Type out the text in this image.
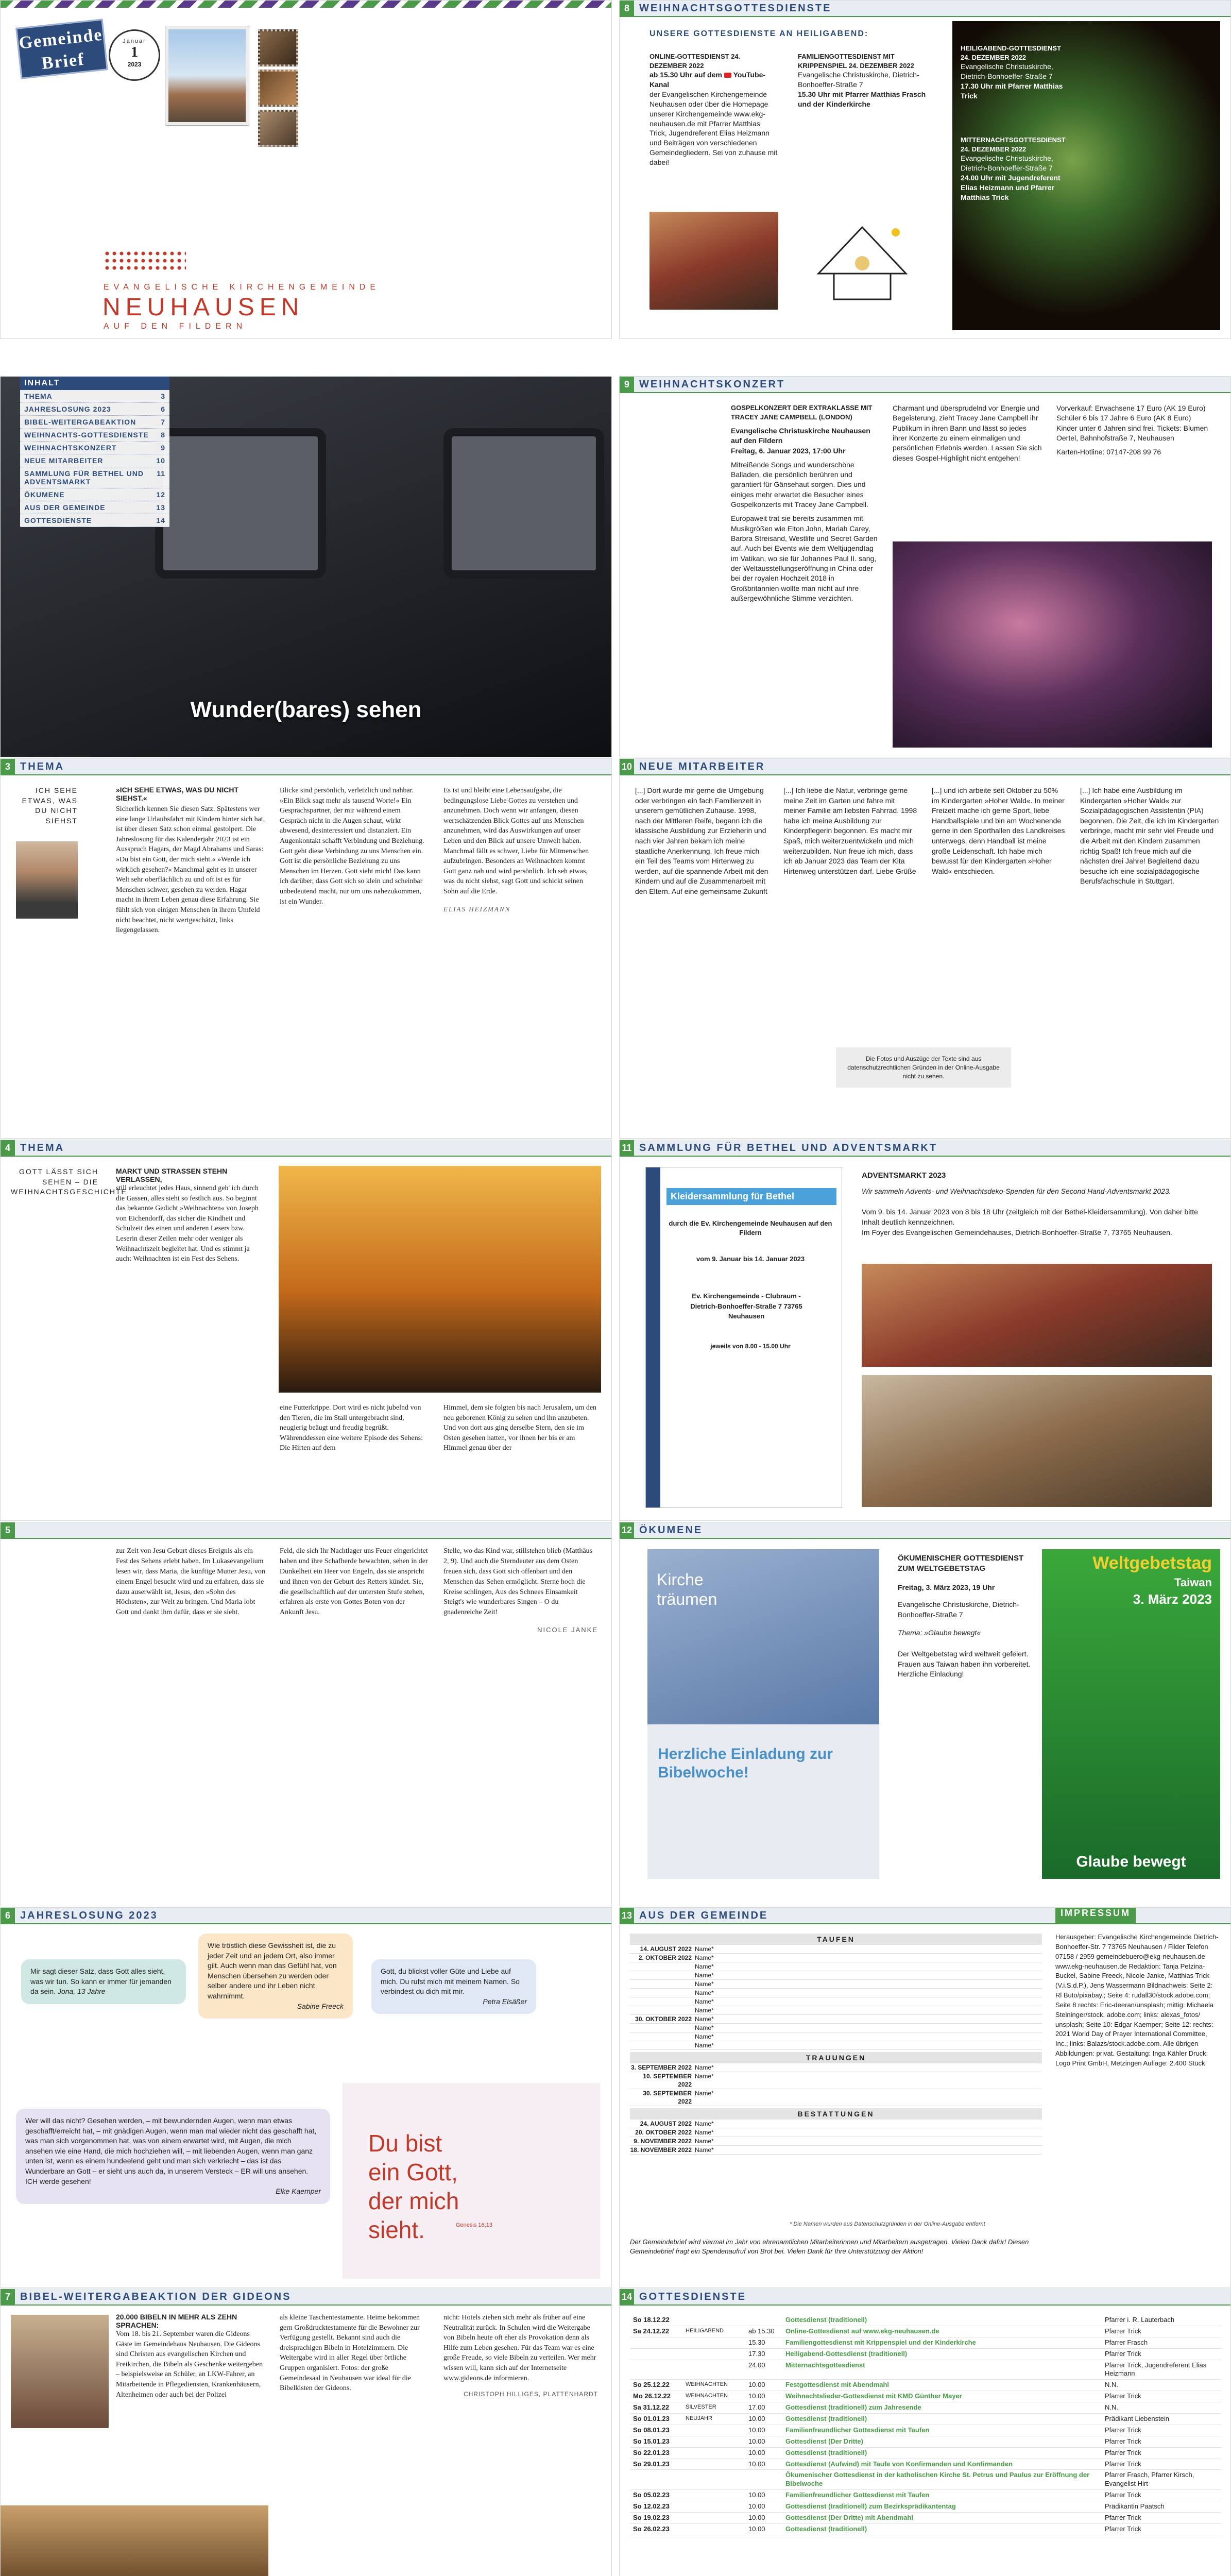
Gemeinde
Brief
Januar
1
2023
EVANGELISCHE KIRCHENGEMEINDE
NEUHAUSEN
AUF DEN FILDERN
8 WEIHNACHTSGOTTESDIENSTE
UNSERE GOTTESDIENSTE AN HEILIGABEND:
ONLINE-GOTTESDIENST 24. DEZEMBER 2022
ab 15.30 Uhr auf dem YouTube-Kanal
der Evangelischen Kirchengemeinde Neuhausen oder über die Homepage unserer Kirchengemeinde www.ekg-neuhausen.de mit Pfarrer Matthias Trick, Jugendreferent Elias Heizmann und Beiträgen von verschiedenen Gemeindegliedern. Sei von zuhause mit dabei!
FAMILIENGOTTESDIENST MIT KRIPPENSPIEL 24. DEZEMBER 2022
Evangelische Christuskirche, Dietrich-Bonhoeffer-Straße 7
15.30 Uhr mit Pfarrer Matthias Frasch und der Kinderkirche
HEILIGABEND-GOTTESDIENST 24. DEZEMBER 2022
Evangelische Christuskirche, Dietrich-Bonhoeffer-Straße 7
17.30 Uhr mit Pfarrer Matthias Trick
MITTERNACHTSGOTTESDIENST 24. DEZEMBER 2022
Evangelische Christuskirche, Dietrich-Bonhoeffer-Straße 7
24.00 Uhr mit Jugendreferent Elias Heizmann und Pfarrer Matthias Trick
INHALT
THEMA	3
JAHRESLOSUNG 2023	6
BIBEL-WEITERGABEAKTION	7
WEIHNACHTS-GOTTESDIENSTE 8
WEIHNACHTSKONZERT	9
NEUE MITARBEITER	10
SAMMLUNG FÜR BETHEL UND ADVENTSMARKT
11
ÖKUMENE	12
AUS DER GEMEINDE	13
GOTTESDIENSTE	14
Wunder(bares) sehen
9 WEIHNACHTSKONZERT
GOSPELKONZERT DER EXTRAKLASSE MIT TRACEY JANE CAMPBELL (LONDON)
Evangelische Christuskirche Neuhausen auf den Fildern
Freitag, 6. Januar 2023, 17:00 Uhr

Mitreißende Songs und wunderschöne Balladen, die persönlich berühren und garantiert für Gänsehaut sorgen. Dies und einiges mehr erwartet die Besucher eines Gospelkonzerts mit Tracey Jane Campbell.

Europaweit trat sie bereits zusammen mit Musikgrößen wie Elton John, Mariah Carey, Barbra Streisand, Westlife und Secret Garden auf. Auch bei Events wie dem Weltjugendtag im Vatikan, wo sie für Johannes Paul II. sang, der Weltausstellungseröffnung in China oder bei der royalen Hochzeit 2018 in Großbritannien wollte man nicht auf ihre außergewöhnliche Stimme verzichten.

Charmant und übersprudelnd vor Energie und Begeisterung, zieht Tracey Jane Campbell ihr Publikum in ihren Bann und lässt so jedes ihrer Konzerte zu einem einmaligen und persönlichen Erlebnis werden. Lassen Sie sich dieses Gospel-Highlight nicht entgehen!

Vorverkauf: Erwachsene 17 Euro (AK 19 Euro) Schüler 6 bis 17 Jahre 6 Euro (AK 8 Euro) Kinder unter 6 Jahren sind frei. Tickets: Blumen Oertel, Bahnhofstraße 7, Neuhausen

Karten-Hotline: 07147-208 99 76

3 THEMA
ICH SEHE ETWAS, WAS DU NICHT SIEHST
»ICH SEHE ETWAS, WAS DU NICHT SIEHST.«

Sicherlich kennen Sie diesen Satz. Spätestens wer eine lange Urlaubsfahrt mit Kindern hinter sich hat, ist über diesen Satz schon einmal gestolpert. Die Jahreslosung für das Kalenderjahr 2023 ist ein Ausspruch Hagars, der Magd Abrahams und Saras: »Du bist ein Gott, der mich sieht.« »Werde ich wirklich gesehen?« Manchmal geht es in unserer Welt sehr oberflächlich zu und oft ist es für Menschen schwer, gesehen zu werden. Hagar macht in ihrem Leben genau diese Erfahrung. Sie fühlt sich von einigen Menschen in ihrem Umfeld nicht beachtet, nicht wertgeschätzt, links liegengelassen.

Blicke sind persönlich, verletzlich und nahbar. »Ein Blick sagt mehr als tausend Worte!« Ein Gesprächspartner, der mir während einem Gespräch nicht in die Augen schaut, wirkt abwesend, desinteressiert und distanziert. Ein Augenkontakt schafft Verbindung und Beziehung. Gott geht diese Verbindung zu uns Menschen ein. Gott ist die persönliche Beziehung zu uns Menschen im Herzen. Gott sieht mich! Das kann ich darüber, dass Gott sich so klein und scheinbar unbedeutend macht, nur um uns nahezukommen, ist ein Wunder.

Es ist und bleibt eine Lebensaufgabe, die bedingungslose Liebe Gottes zu verstehen und anzunehmen. Doch wenn wir anfangen, diesen wertschätzenden Blick Gottes auf uns Menschen anzunehmen, wird das Auswirkungen auf unser Leben und den Blick auf unsere Umwelt haben. Manchmal fällt es schwer, Liebe für Mitmenschen aufzubringen. Besonders an Weihnachten kommt Gott ganz nah und wird persönlich. Ich seh etwas, was du nicht siehst, sagt Gott und schickt seinen Sohn auf die Erde.

ELIAS HEIZMANN
10 NEUE MITARBEITER
[...] Dort wurde mir gerne die Umgebung oder verbringen ein fach Familienzeit in unserem gemütlichen Zuhause. 1998, nach der Mittleren Reife, begann ich die klassische Ausbildung zur Erzieherin und nach vier Jahren bekam ich meine staatliche Anerkennung. Ich freue mich ein Teil des Teams vom Hirtenweg zu werden, auf die spannende Arbeit mit den Kindern und auf die Zusammenarbeit mit den Eltern. Auf eine gemeinsame Zukunft
[...] Ich liebe die Natur, verbringe gerne meine Zeit im Garten und fahre mit meiner Familie am liebsten Fahrrad. 1998 habe ich meine Ausbildung zur Kinderpflegerin begonnen. Es macht mir Spaß, mich weiterzuentwickeln und mich weiterzubilden. Nun freue ich mich, dass ich ab Januar 2023 das Team der Kita Hirtenweg unterstützen darf. Liebe Grüße
[...] und ich arbeite seit Oktober zu 50% im Kindergarten »Hoher Wald«. In meiner Freizeit mache ich gerne Sport, liebe Handballspiele und bin am Wochenende gerne in den Sporthallen des Landkreises unterwegs, denn Handball ist meine große Leidenschaft. Ich habe mich bewusst für den Kindergarten »Hoher Wald« entschieden.
[...] Ich habe eine Ausbildung im Kindergarten »Hoher Wald« zur Sozialpädagogischen Assistentin (PIA) begonnen. Die Zeit, die ich im Kindergarten verbringe, macht mir sehr viel Freude und die Arbeit mit den Kindern zusammen richtig Spaß! Ich freue mich auf die nächsten drei Jahre! Begleitend dazu besuche ich eine sozialpädagogische Berufsfachschule in Stuttgart.
Die Fotos und Auszüge der Texte sind aus datenschutzrechtlichen Gründen in der Online-Ausgabe nicht zu sehen.
4 THEMA
GOTT LÄSST SICH SEHEN – DIE WEIHNACHTSGESCHICHTE
MARKT UND STRASSEN STEHN VERLASSEN,

still erleuchtet jedes Haus, sinnend geh' ich durch die Gassen, alles sieht so festlich aus. So beginnt das bekannte Gedicht »Weihnachten« von Joseph von Eichendorff, das sicher die Kindheit und Schulzeit des einen und anderen Lesers bzw. Leserin dieser Zeilen mehr oder weniger als Weihnachtszeit begleitet hat. Und es stimmt ja auch: Weihnachten ist ein Fest des Sehens.

eine Futterkrippe. Dort wird es nicht jubelnd von den Tieren, die im Stall untergebracht sind, neugierig beäugt und freudig begrüßt. Währenddessen eine weitere Episode des Sehens: Die Hirten auf dem
Himmel, dem sie folgten bis nach Jerusalem, um den neu geborenen König zu sehen und ihn anzubeten. Und von dort aus ging derselbe Stern, den sie im Osten gesehen hatten, vor ihnen her bis er am Himmel genau über der
11 SAMMLUNG FÜR BETHEL UND ADVENTSMARKT
Kleidersammlung für Bethel
durch die Ev. Kirchengemeinde Neuhausen auf den Fildern
vom 9. Januar bis 14. Januar 2023
Ev. Kirchengemeinde - Clubraum - Dietrich-Bonhoeffer-Straße 7 73765 Neuhausen
jeweils von 8.00 - 15.00 Uhr
ADVENTSMARKT 2023
Wir sammeln Advents- und Weihnachtsdeko-Spenden für den Second Hand-Adventsmarkt 2023.
Vom 9. bis 14. Januar 2023 von 8 bis 18 Uhr (zeitgleich mit der Bethel-Kleidersammlung). Von daher bitte Inhalt deutlich kennzeichnen.
Im Foyer des Evangelischen Gemeindehauses, Dietrich-Bonhoeffer-Straße 7, 73765 Neuhausen.
5
zur Zeit von Jesu Geburt dieses Ereignis als ein Fest des Sehens erlebt haben. Im Lukasevangelium lesen wir, dass Maria, die künftige Mutter Jesu, von einem Engel besucht wird und zu erfahren, dass sie dazu auserwählt ist, Jesus, den »Sohn des Höchsten«, zur Welt zu bringen. Und Maria lobt Gott und dankt ihm dafür, dass er sie sieht.
Feld, die sich Ihr Nachtlager uns Feuer eingerichtet haben und ihre Schafherde bewachten, sehen in der Dunkelheit ein Heer von Engeln, das sie anspricht und ihnen von der Geburt des Retters kündet. Sie, die gesellschaftlich auf der untersten Stufe stehen, erfahren als erste von Gottes Boten von der Ankunft Jesu.

Stelle, wo das Kind war, stillstehen blieb (Matthäus 2, 9). Und auch die Sterndeuter aus dem Osten freuen sich, dass Gott sich offenbart und den Menschen das Sehen ermöglicht. Sterne hoch die Kreise schlingen, Aus des Schnees Einsamkeit Steigt's wie wunderbares Singen – O du gnadenreiche Zeit!

NICOLE JANKE
12 ÖKUMENE
Kirche träumen
Herzliche Einladung zur Bibelwoche!
ÖKUMENISCHER GOTTESDIENST ZUM WELTGEBETSTAG
Freitag, 3. März 2023, 19 Uhr
Evangelische Christuskirche, Dietrich-Bonhoeffer-Straße 7
Thema: »Glaube bewegt«
Der Weltgebetstag wird weltweit gefeiert. Frauen aus Taiwan haben ihn vorbereitet. Herzliche Einladung!
Weltgebetstag
Taiwan
3. März 2023
Glaube bewegt
6 JAHRESLOSUNG 2023
Mir sagt dieser Satz, dass Gott alles sieht, was wir tun. So kann er immer für jemanden da sein. Jona, 13 Jahre
Wie tröstlich diese Gewissheit ist, die zu jeder Zeit und an jedem Ort, also immer gilt. Auch wenn man das Gefühl hat, von Menschen übersehen zu werden oder selber andere und ihr Leben nicht wahrnimmt.
Sabine Freeck
Gott, du blickst voller Güte und Liebe auf mich. Du rufst mich mit meinem Namen. So verbindest du dich mit mir.
Petra Elsäßer
Wer will das nicht? Gesehen werden, – mit bewundernden Augen, wenn man etwas geschafft/erreicht hat, – mit gnädigen Augen, wenn man mal wieder nicht das geschafft hat, was man sich vorgenommen hat, was von einem erwartet wird, mit Augen, die mich ansehen wie eine Hand, die mich hochziehen will, – mit liebenden Augen, wenn man ganz unten ist, wenn es einem hundeelend geht und man sich verkriecht – das ist das Wunderbare an Gott – er sieht uns auch da, in unserem Versteck – ER will uns ansehen. ICH werde gesehen!
Elke Kaemper
Du bist
ein Gott,
der mich
sieht.	Genesis 16,13
13 AUS DER GEMEINDE	IMPRESSUM
TAUFEN
14. AUGUST 2022 Name*
2. OKTOBER 2022 Name*
Name*
Name*
Name*
Name*
Name*
Name*
30. OKTOBER 2022 Name*
Name*
Name*
Name*
TRAUUNGEN
3. SEPTEMBER 2022 Name*
10. SEPTEMBER 2022
Name*
30. SEPTEMBER 2022
Name*
BESTATTUNGEN
24. AUGUST 2022 Name*
20. OKTOBER 2022 Name*
9. NOVEMBER 2022 Name*
18. NOVEMBER 2022 Name*
* Die Namen wurden aus Datenschutzgründen in der Online-Ausgabe entfernt
Der Gemeindebrief wird viermal im Jahr von ehrenamtlichen Mitarbeiterinnen und Mitarbeitern ausgetragen. Vielen Dank dafür! Diesen Gemeindebrief fragt ein Spendenaufruf von Brot bei. Vielen Dank für Ihre Unterstützung der Aktion!
Herausgeber: Evangelische Kirchengemeinde Dietrich-Bonhoeffer-Str. 7 73765 Neuhausen / Filder Telefon 07158 / 2959 gemeindebuero@ekg-neuhausen.de www.ekg-neuhausen.de Redaktion: Tanja Petzina-Buckel, Sabine Freeck, Nicole Janke, Matthias Trick (V.i.S.d.P.), Jens Wassermann Bildnachweis: Seite 2: Rl Buto/pixabay.; Seite 4: rudall30/stock.adobe.com; Seite 8 rechts: Eric-deeran/unsplash; mittig: Michaela Steininger/stock. adobe.com; links: alexas_fotos/ unsplash; Seite 10: Edgar Kaemper; Seite 12: rechts: 2021 World Day of Prayer International Committee, Inc.; links: Balazs/stock.adobe.com. Alle übrigen Abbildungen: privat. Gestaltung: Inga Kähler Druck: Logo Print GmbH, Metzingen Auflage: 2.400 Stück
7 BIBEL-WEITERGABEAKTION DER GIDEONS
20.000 BIBELN IN MEHR ALS ZEHN SPRACHEN:

Vom 18. bis 21. September waren die Gideons Gäste im Gemeindehaus Neuhausen. Die Gideons sind Christen aus evangelischen Kirchen und Freikirchen, die Bibeln als Geschenke weitergeben – beispielsweise an Schüler, an LKW-Fahrer, an Mitarbeitende in Pflegediensten, Krankenhäusern, Altenheimen oder auch bei der Polizei

als kleine Taschentestamente. Heime bekommen gern Großdrucktestamente für die Bewohner zur Verfügung gestellt. Bekannt sind auch die dreisprachigen Bibeln in Hotelzimmern. Die Weitergabe wird in aller Regel über örtliche Gruppen organisiert. Fotos: der große Gemeindesaal in Neuhausen war ideal für die Bibelkisten der Gideons.

nicht: Hotels ziehen sich mehr als früher auf eine Neutralität zurück. In Schulen wird die Weitergabe von Bibeln heute oft eher als Provokation denn als Hilfe zum Leben gesehen. Für das Team war es eine große Freude, so viele Bibeln zu verteilen. Wer mehr wissen will, kann sich auf der Internetseite www.gideons.de informieren.

CHRISTOPH HILLIGES, PLATTENHARDT
14 GOTTESDIENSTE
So 18.12.22			Gottesdienst (traditionell)	Pfarrer i. R. Lauterbach
Sa 24.12.22	HEILIGABEND	ab 15.30	Online-Gottesdienst auf www.ekg-neuhausen.de	Pfarrer Trick
		15.30	Familiengottesdienst mit Krippenspiel und der Kinderkirche	Pfarrer Frasch
		17.30	Heiligabend-Gottesdienst (traditionell)	Pfarrer Trick
		24.00	Mitternachtsgottesdienst	Pfarrer Trick, Jugendreferent Elias Heizmann
So 25.12.22	WEIHNACHTEN	10.00	Festgottesdienst mit Abendmahl	N.N.
Mo 26.12.22	WEIHNACHTEN	10.00	Weihnachtslieder-Gottesdienst mit KMD Günther Mayer	Pfarrer Trick
Sa 31.12.22	SILVESTER	17.00	Gottesdienst (traditionell) zum Jahresende	N.N.
So 01.01.23	NEUJAHR	10.00	Gottesdienst (traditionell)	Prädikant Liebenstein
So 08.01.23		10.00	Familienfreundlicher Gottesdienst mit Taufen	Pfarrer Trick
So 15.01.23		10.00	Gottesdienst (Der Dritte)	Pfarrer Trick
So 22.01.23		10.00	Gottesdienst (traditionell)	Pfarrer Trick
So 29.01.23		10.00	Gottesdienst (Aufwind) mit Taufe von Konfirmanden und Konfirmanden	Pfarrer Trick
			Ökumenischer Gottesdienst in der katholischen Kirche St. Petrus und Paulus zur Eröffnung der Bibelwoche	Pfarrer Frasch, Pfarrer Kirsch, Evangelist Hirt
So 05.02.23		10.00	Familienfreundlicher Gottesdienst mit Taufen	Pfarrer Trick
So 12.02.23		10.00	Gottesdienst (traditionell) zum Bezirksprädikantentag	Prädikantin Paatsch
So 19.02.23		10.00	Gottesdienst (Der Dritte) mit Abendmahl	Pfarrer Trick
So 26.02.23		10.00	Gottesdienst (traditionell)	Pfarrer Trick
